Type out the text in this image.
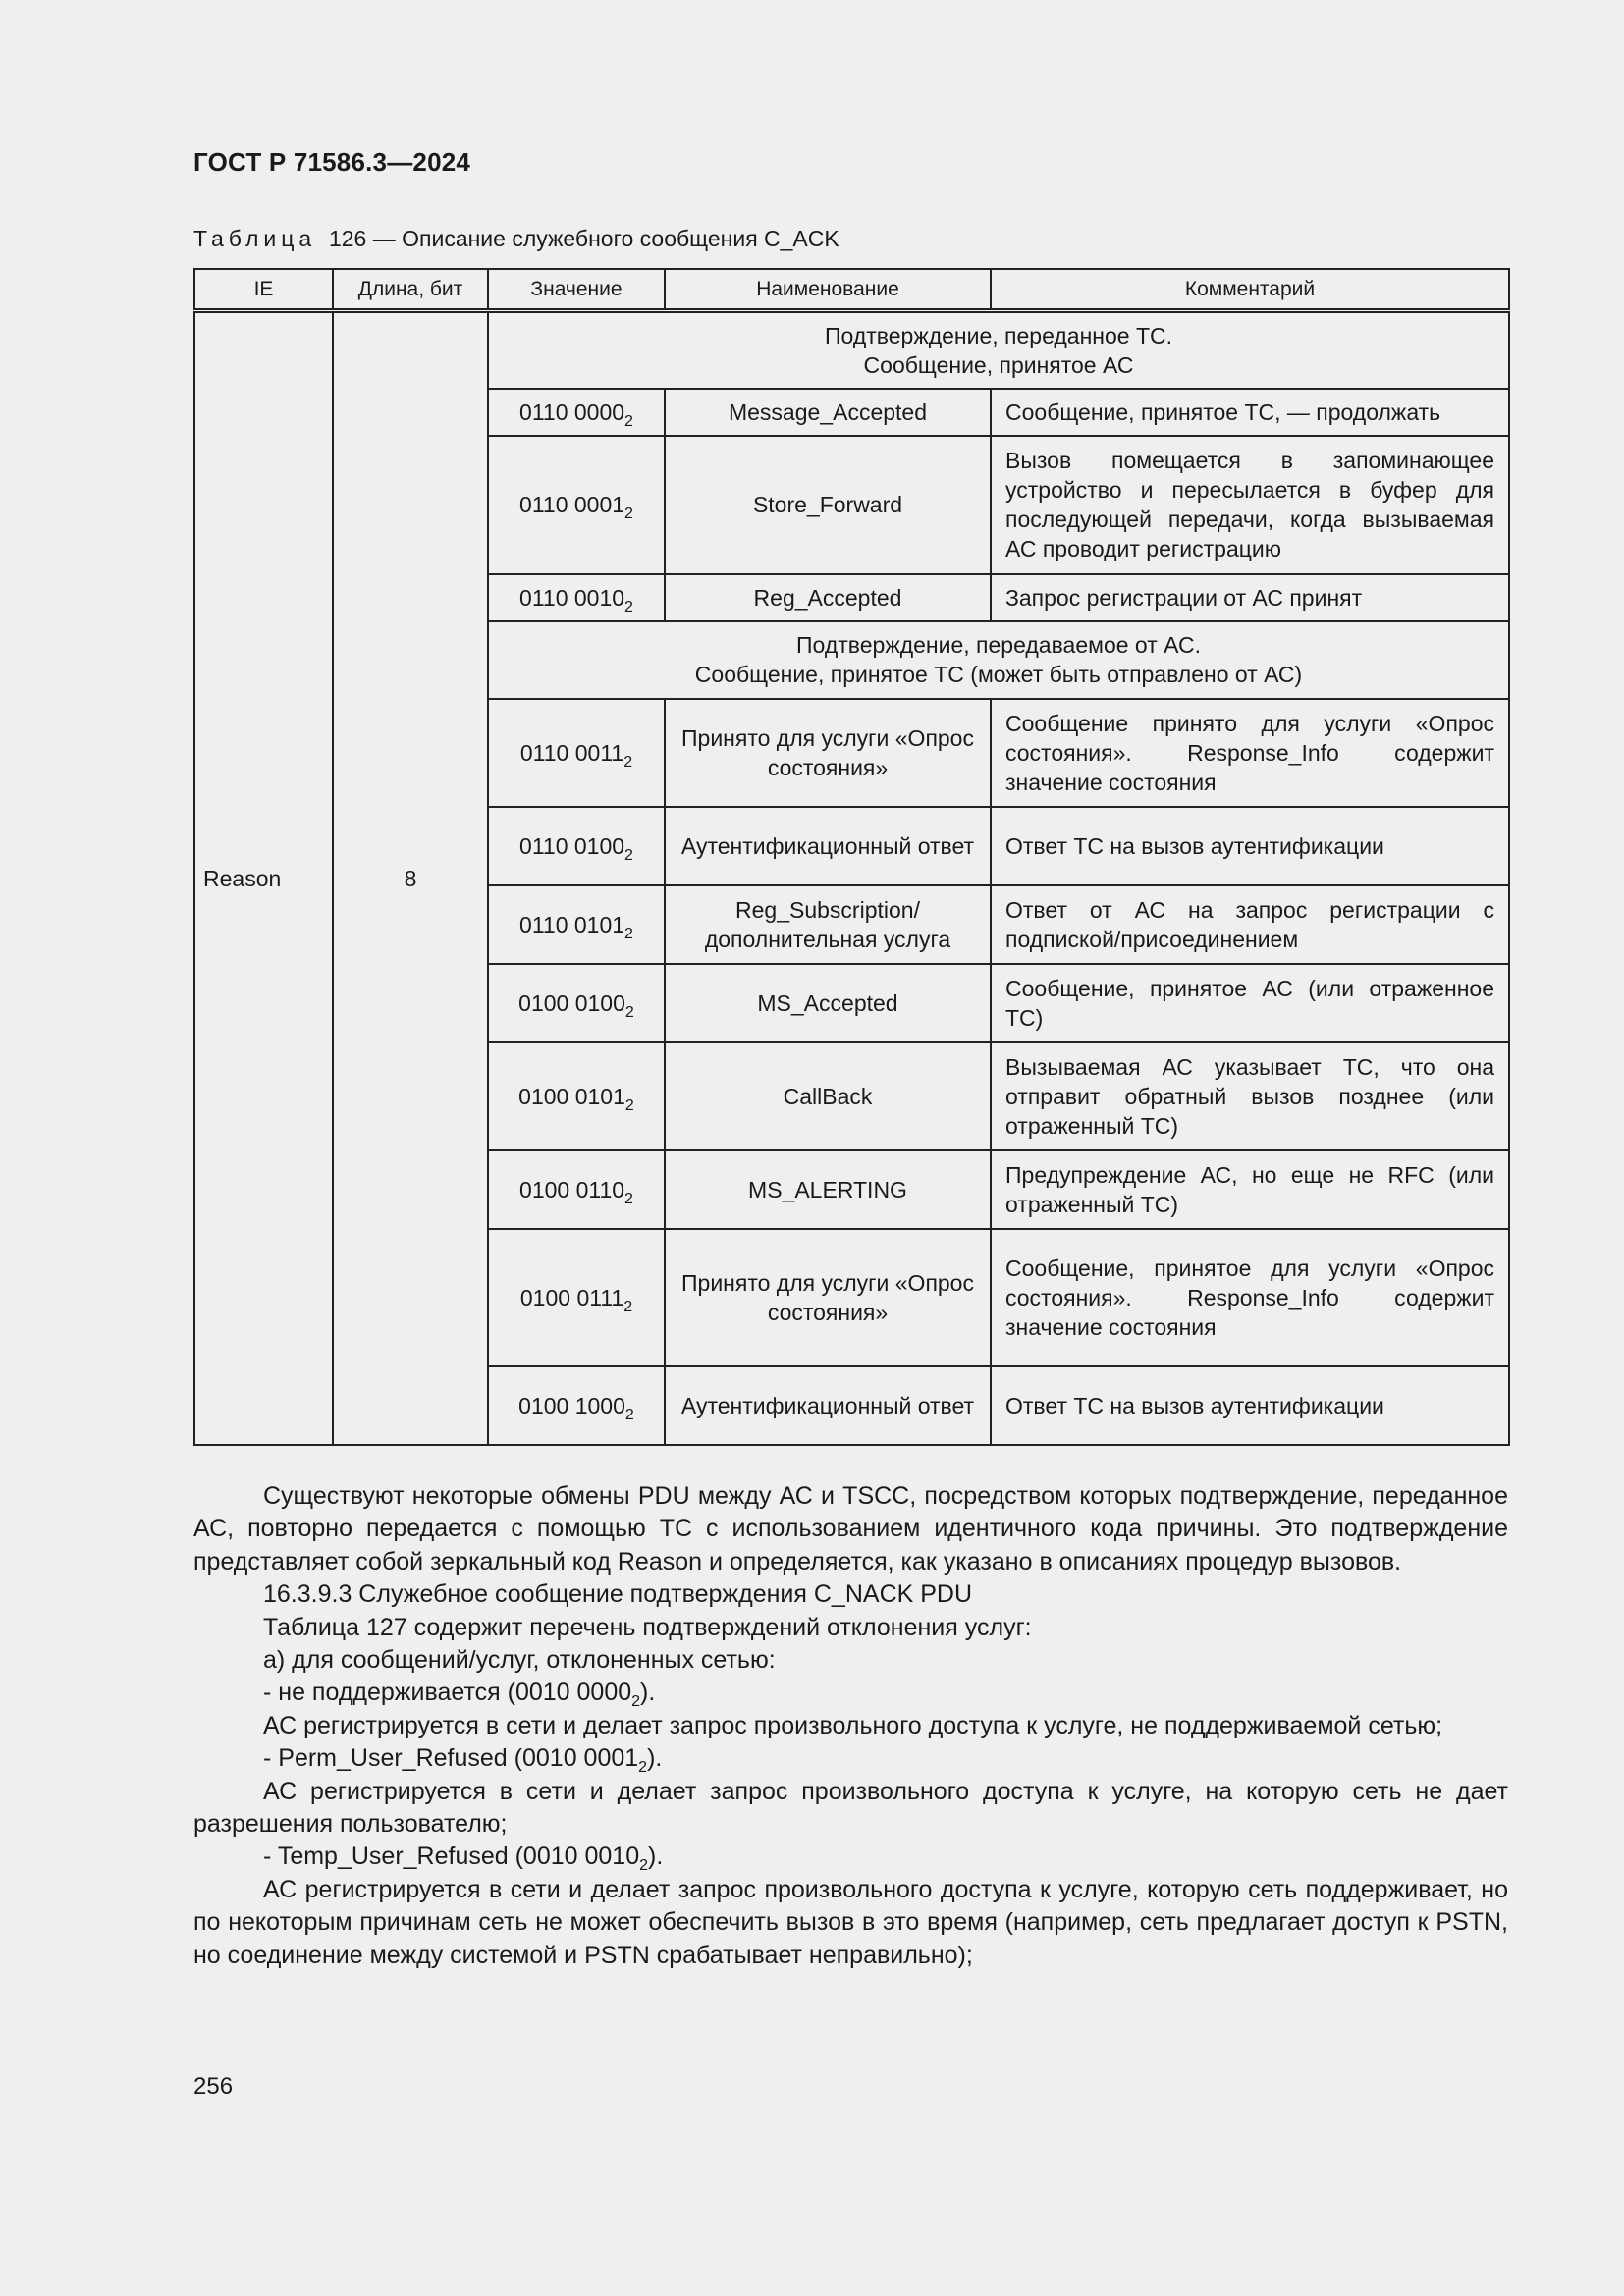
ГОСТ Р 71586.3—2024
Таблица 126 — Описание служебного сообщения C_ACK
IE	Длина, бит	Значение	Наименование	Комментарий
Reason	8	Подтверждение, переданное ТС.
Сообщение, принятое АС		

		0110 $0000_2$	Message_Accepted	Сообщение, принятое ТС, — продолжать
		0110 $0001_2$	Store_Forward	Вызов помещается в запоминающее устройство и пересылается в буфер для последующей передачи, когда вызываемая АС проводит регистрацию
		0110 $0010_2$	Reg_Accepted	Запрос регистрации от АС принят

		Подтверждение, передаваемое от АС.
Сообщение, принятое ТС (может быть отправлено от АС)		

		0110 $0011_2$	Принято для услуги «Опрос состояния»	Сообщение принято для услуги «Опрос состояния». Response_Info содержит значение состояния
		0110 $0100_2$	Аутентификационный ответ	Ответ ТС на вызов аутентификации
		0110 $0101_2$	Reg_Subscription/ дополнительная услуга	Ответ от АС на запрос регистрации с подпиской/присоединением
		0100 $0100_2$	MS_Accepted	Сообщение, принятое АС (или отраженное ТС)
		0100 $0101_2$	CallBack	Вызываемая АС указывает ТС, что она отправит обратный вызов позднее (или отраженный ТС)
		0100 $0110_2$	MS_ALERTING	Предупреждение АС, но еще не RFC (или отраженный ТС)
		0100 $0111_2$	Принято для услуги «Опрос состояния»	Сообщение, принятое для услуги «Опрос состояния». Response_Info содержит значение состояния
		0100 $1000_2$	Аутентификационный ответ	Ответ ТС на вызов аутентификации

Существуют некоторые обмены PDU между АС и TSCC, посредством которых подтверждение, переданное АС, повторно передается с помощью ТС с использованием идентичного кода причины. Это подтверждение представляет собой зеркальный код Reason и определяется, как указано в описаниях процедур вызовов.

16.3.9.3 Служебное сообщение подтверждения C_NACK PDU

Таблица 127 содержит перечень подтверждений отклонения услуг:

а) для сообщений/услуг, отклоненных сетью:

- не поддерживается (0010 $0000_2$).

АС регистрируется в сети и делает запрос произвольного доступа к услуге, не поддерживаемой сетью;

- Perm_User_Refused (0010 $0001_2$).

АС регистрируется в сети и делает запрос произвольного доступа к услуге, на которую сеть не дает разрешения пользователю;

- Temp_User_Refused (0010 $0010_2$).

АС регистрируется в сети и делает запрос произвольного доступа к услуге, которую сеть поддерживает, но по некоторым причинам сеть не может обеспечить вызов в это время (например, сеть предлагает доступ к PSTN, но соединение между системой и PSTN срабатывает неправильно);

256
